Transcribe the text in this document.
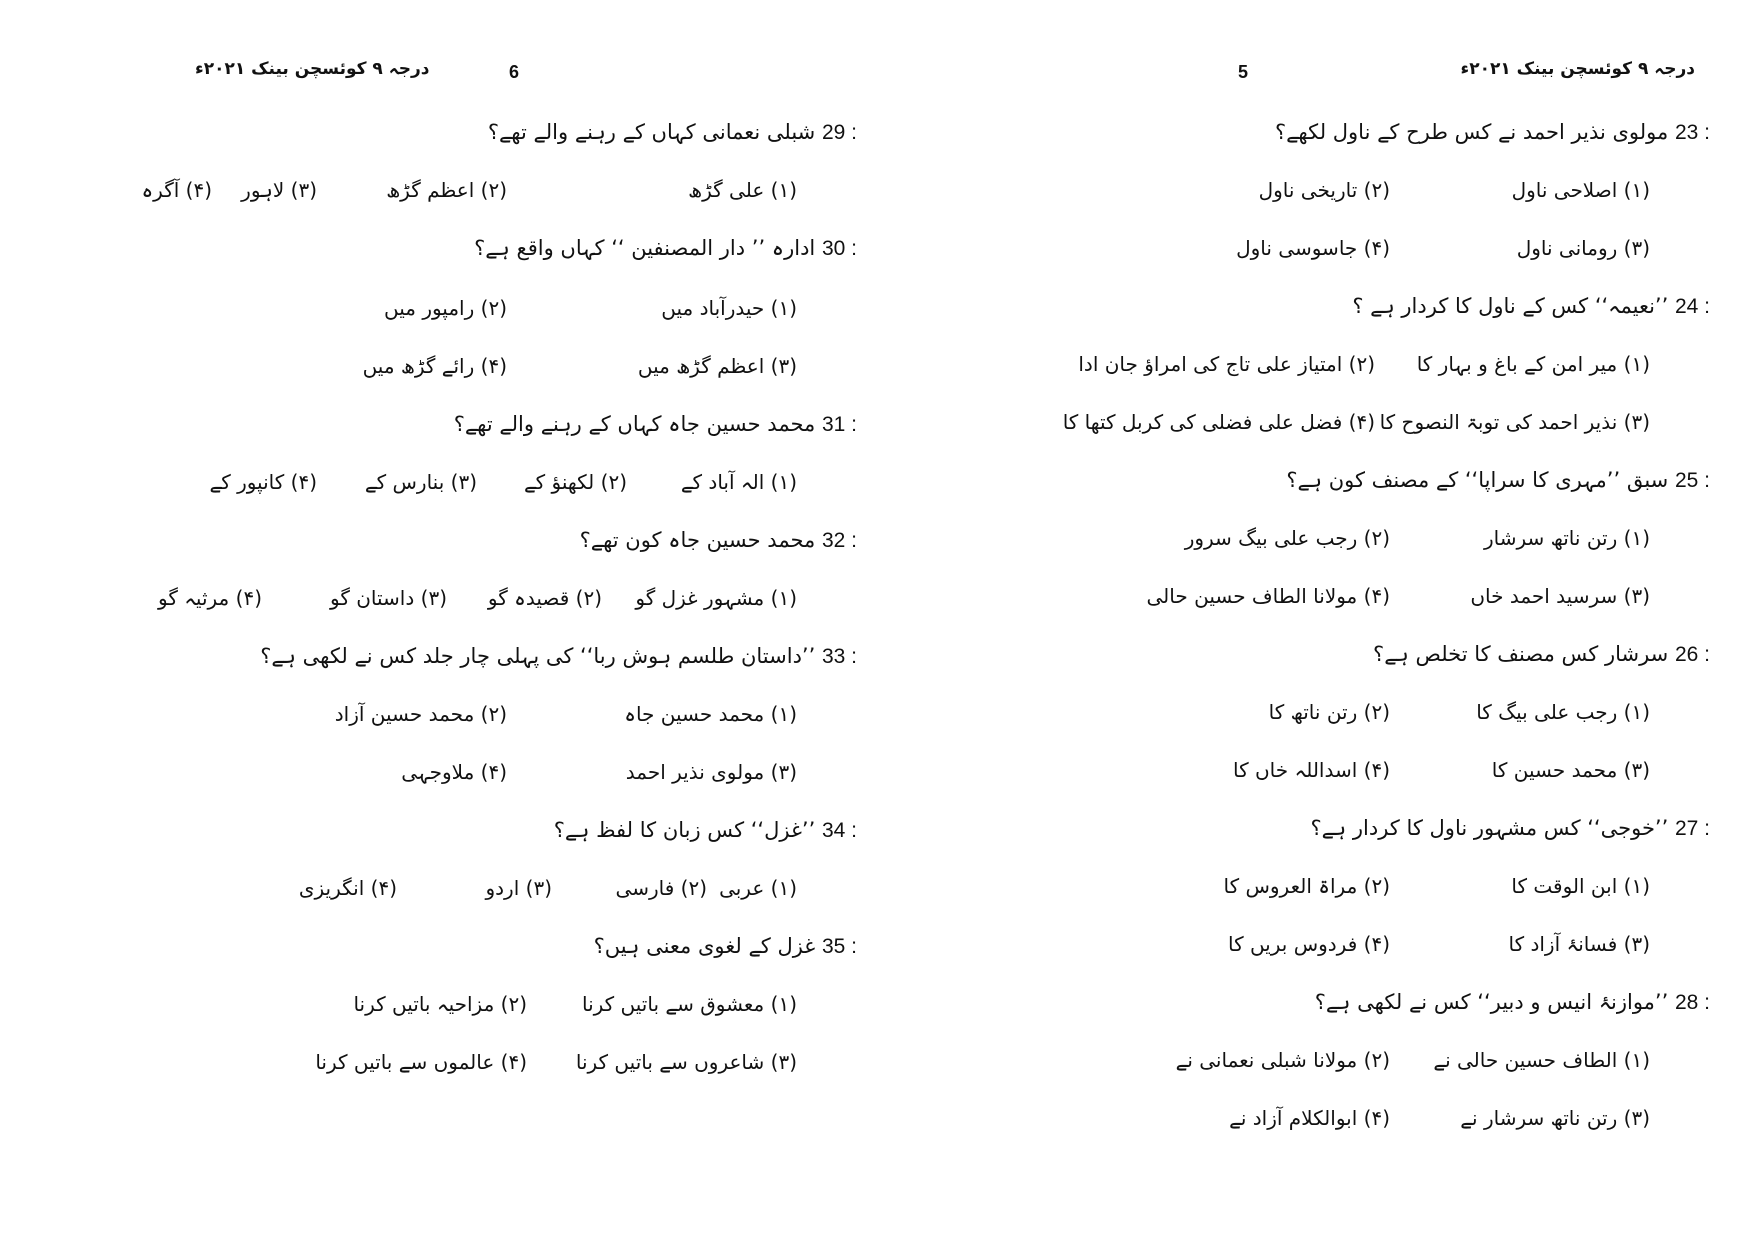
درجہ ۹ کوئسچن بینک ۲۰۲۱ء	6
: 29 شبلی نعمانی کہاں کے رہنے والے تھے؟
(۱) علی گڑھ
(۲) اعظم گڑھ
(۳) لاہور
(۴) آگرہ
: 30 ادارہ ’’ دار المصنفین ‘‘ کہاں واقع ہے؟
(۱) حیدرآباد میں
(۲) رامپور میں
(۳) اعظم گڑھ میں
(۴) رائے گڑھ میں
: 31 محمد حسین جاہ کہاں کے رہنے والے تھے؟
(۱) الہ آباد کے
(۲) لکھنؤ کے
(۳) بنارس کے
(۴) کانپور کے
: 32 محمد حسین جاہ کون تھے؟
(۱) مشہور غزل گو
(۲) قصیدہ گو
(۳) داستان گو
(۴) مرثیہ گو
: 33 ’’داستان طلسم ہوش ربا‘‘ کی پہلی چار جلد کس نے لکھی ہے؟
(۱) محمد حسین جاہ
(۲) محمد حسین آزاد
(۳) مولوی نذیر احمد
(۴) ملاوجہی
: 34 ’’غزل‘‘ کس زبان کا لفظ ہے؟
(۱) عربی
(۲) فارسی
(۳) اردو
(۴) انگریزی
: 35 غزل کے لغوی معنی ہیں؟
(۱) معشوق سے باتیں کرنا
(۲) مزاحیہ باتیں کرنا
(۳) شاعروں سے باتیں کرنا
(۴) عالموں سے باتیں کرنا
درجہ ۹ کوئسچن بینک ۲۰۲۱ء
5
: 23 مولوی نذیر احمد نے کس طرح کے ناول لکھے؟
(۱) اصلاحی ناول
(۲) تاریخی ناول
(۳) رومانی ناول
(۴) جاسوسی ناول
: 24 ’’نعیمہ‘‘ کس کے ناول کا کردار ہے ؟
(۱) میر امن کے باغ و بہار کا
(۲) امتیاز علی تاج کی امراؤ جان ادا
(۳) نذیر احمد کی توبۃ النصوح کا
(۴) فضل علی فضلی کی کربل کتھا کا
: 25 سبق ’’مہری کا سراپا‘‘ کے مصنف کون ہے؟
(۱) رتن ناتھ سرشار
(۲) رجب علی بیگ سرور
(۳) سرسید احمد خاں
(۴) مولانا الطاف حسین حالی
: 26 سرشار کس مصنف کا تخلص ہے؟
(۱) رجب علی بیگ کا
(۲) رتن ناتھ کا
(۳) محمد حسین کا
(۴) اسداللہ خاں کا
: 27 ’’خوجی‘‘ کس مشہور ناول کا کردار ہے؟
(۱) ابن الوقت کا
(۲) مراۃ العروس کا
(۳) فسانۂ آزاد کا
(۴) فردوس بریں کا
: 28 ’’موازنۂ انیس و دبیر‘‘ کس نے لکھی ہے؟
(۱) الطاف حسین حالی نے
(۲) مولانا شبلی نعمانی نے
(۳) رتن ناتھ سرشار نے
(۴) ابوالکلام آزاد نے
